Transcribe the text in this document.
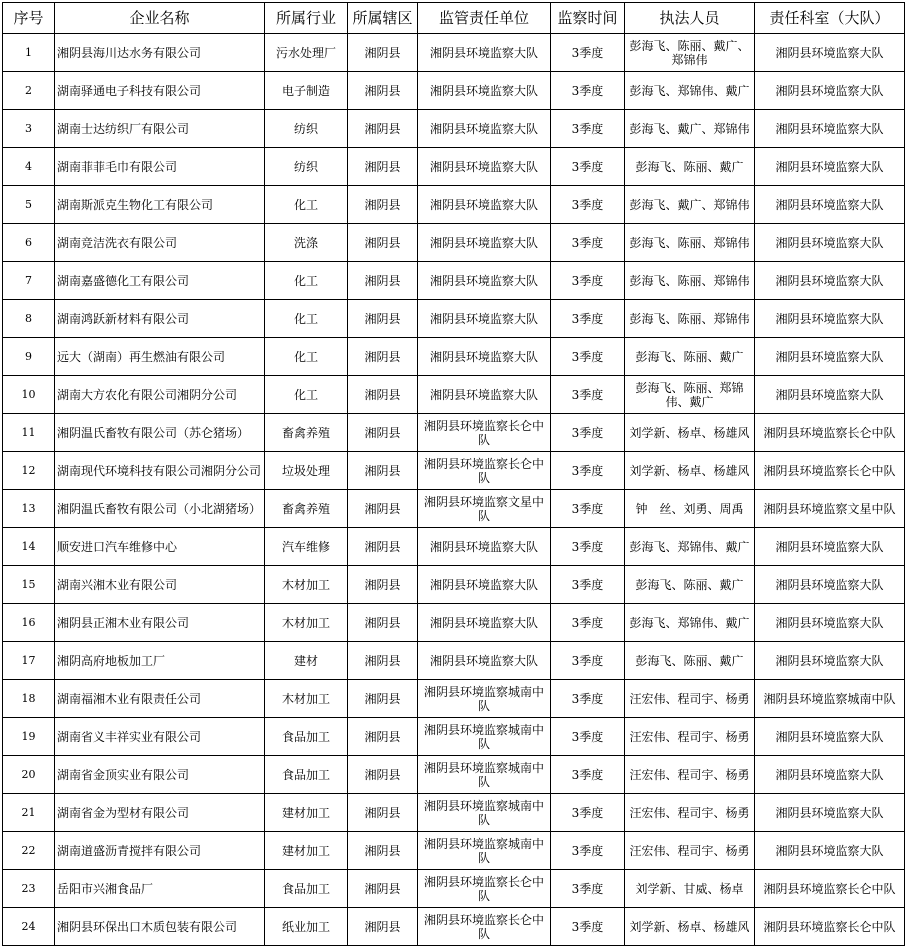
序号	企业名称	所属行业	所属辖区	监管责任单位	监察时间	执法人员	责任科室（大队）
1	湘阴县海川达水务有限公司	污水处理厂	湘阴县	湘阴县环境监察大队	3季度	彭海飞、陈丽、戴广、郑锦伟	湘阴县环境监察大队
2	湖南驿通电子科技有限公司	电子制造	湘阴县	湘阴县环境监察大队	3季度	彭海飞、郑锦伟、戴广	湘阴县环境监察大队
3	湖南士达纺织厂有限公司	纺织	湘阴县	湘阴县环境监察大队	3季度	彭海飞、戴广、郑锦伟	湘阴县环境监察大队
4	湖南菲菲毛巾有限公司	纺织	湘阴县	湘阴县环境监察大队	3季度	彭海飞、陈丽、戴广	湘阴县环境监察大队
5	湖南斯派克生物化工有限公司	化工	湘阴县	湘阴县环境监察大队	3季度	彭海飞、戴广、郑锦伟	湘阴县环境监察大队
6	湖南竞洁洗衣有限公司	洗涤	湘阴县	湘阴县环境监察大队	3季度	彭海飞、陈丽、郑锦伟	湘阴县环境监察大队
7	湖南嘉盛德化工有限公司	化工	湘阴县	湘阴县环境监察大队	3季度	彭海飞、陈丽、郑锦伟	湘阴县环境监察大队
8	湖南鸿跃新材料有限公司	化工	湘阴县	湘阴县环境监察大队	3季度	彭海飞、陈丽、郑锦伟	湘阴县环境监察大队
9	远大（湖南）再生燃油有限公司	化工	湘阴县	湘阴县环境监察大队	3季度	彭海飞、陈丽、戴广	湘阴县环境监察大队
10	湖南大方农化有限公司湘阴分公司	化工	湘阴县	湘阴县环境监察大队	3季度	彭海飞、陈丽、郑锦伟、戴广	湘阴县环境监察大队
11	湘阴温氏畜牧有限公司（苏仑猪场）	畜禽养殖	湘阴县	湘阴县环境监察长仑中队	3季度	刘学新、杨卓、杨雄风	湘阴县环境监察长仑中队
12	湖南现代环境科技有限公司湘阴分公司	垃圾处理	湘阴县	湘阴县环境监察长仑中队	3季度	刘学新、杨卓、杨雄风	湘阴县环境监察长仑中队
13	湘阴温氏畜牧有限公司（小北湖猪场）	畜禽养殖	湘阴县	湘阴县环境监察文星中队	3季度	钟　丝、刘勇、周禹	湘阴县环境监察文星中队
14	顺安进口汽车维修中心	汽车维修	湘阴县	湘阴县环境监察大队	3季度	彭海飞、郑锦伟、戴广	湘阴县环境监察大队
15	湖南兴湘木业有限公司	木材加工	湘阴县	湘阴县环境监察大队	3季度	彭海飞、陈丽、戴广	湘阴县环境监察大队
16	湘阴县正湘木业有限公司	木材加工	湘阴县	湘阴县环境监察大队	3季度	彭海飞、郑锦伟、戴广	湘阴县环境监察大队
17	湘阴高府地板加工厂	建材	湘阴县	湘阴县环境监察大队	3季度	彭海飞、陈丽、戴广	湘阴县环境监察大队
18	湖南福湘木业有限责任公司	木材加工	湘阴县	湘阴县环境监察城南中队	3季度	汪宏伟、程司宇、杨勇	湘阴县环境监察城南中队
19	湖南省义丰祥实业有限公司	食品加工	湘阴县	湘阴县环境监察城南中队	3季度	汪宏伟、程司宇、杨勇	湘阴县环境监察大队
20	湖南省金顶实业有限公司	食品加工	湘阴县	湘阴县环境监察城南中队	3季度	汪宏伟、程司宇、杨勇	湘阴县环境监察大队
21	湖南省金为型材有限公司	建材加工	湘阴县	湘阴县环境监察城南中队	3季度	汪宏伟、程司宇、杨勇	湘阴县环境监察大队
22	湖南道盛沥青搅拌有限公司	建材加工	湘阴县	湘阴县环境监察城南中队	3季度	汪宏伟、程司宇、杨勇	湘阴县环境监察大队
23	岳阳市兴湘食品厂	食品加工	湘阴县	湘阴县环境监察长仑中队	3季度	刘学新、甘威、杨卓	湘阴县环境监察长仑中队
24	湘阴县环保出口木质包装有限公司	纸业加工	湘阴县	湘阴县环境监察长仑中队	3季度	刘学新、杨卓、杨雄风	湘阴县环境监察长仑中队
